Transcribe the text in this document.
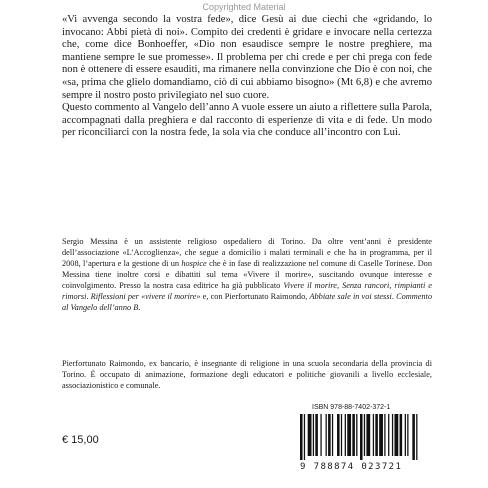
Copyrighted Material

«Vi avvenga secondo la vostra fede», dice Gesù ai due ciechi che «gridando, lo invocano: Abbi pietà di noi». Compito dei credenti è gridare e invocare nella certezza che, come dice Bonhoeffer, «Dio non esaudisce sempre le nostre preghiere, ma mantiene sempre le sue promesse». Il problema per chi crede e per chi prega con fede non è ottenere di essere esauditi, ma rimanere nella convinzione che Dio è con noi, che «sa, prima che glielo domandiamo, ciò di cui abbiamo bisogno» (Mt 6,8) e che avremo sempre il nostro posto privilegiato nel suo cuore.

Questo commento al Vangelo dell’anno A vuole essere un aiuto a riflettere sulla Parola, accompagnati dalla preghiera e dal racconto di esperienze di vita e di fede. Un modo per riconciliarci con la nostra fede, la sola via che conduce all’incontro con Lui.

Sergio Messina è un assistente religioso ospedaliero di Torino. Da oltre vent’anni è presidente dell’associazione «L’Accoglienza», che segue a domicilio i malati terminali e che ha in programma, per il 2008, l’apertura e la gestione di un hospice che è in fase di realizzazione nel comune di Caselle Torinese. Don Messina tiene inoltre corsi e dibattiti sul tema «Vivere il morire», suscitando ovunque interesse e coinvolgimento. Presso la nostra casa editrice ha già pubblicato Vivere il morire, Senza rancori, rimpianti e rimorsi. Riflessioni per «vivere il morire» e, con Pierfortunato Raimondo, Abbiate sale in voi stessi. Commento al Vangelo dell’anno B.
Pierfortunato Raimondo, ex bancario, è insegnante di religione in una scuola secondaria della provincia di Torino. È occupato di animazione, formazione degli educatori e politiche giovanili a livello ecclesiale, associazionistico e comunale.
ISBN 978-88-7402-372-1
€ 15,00
9 788874 023721
